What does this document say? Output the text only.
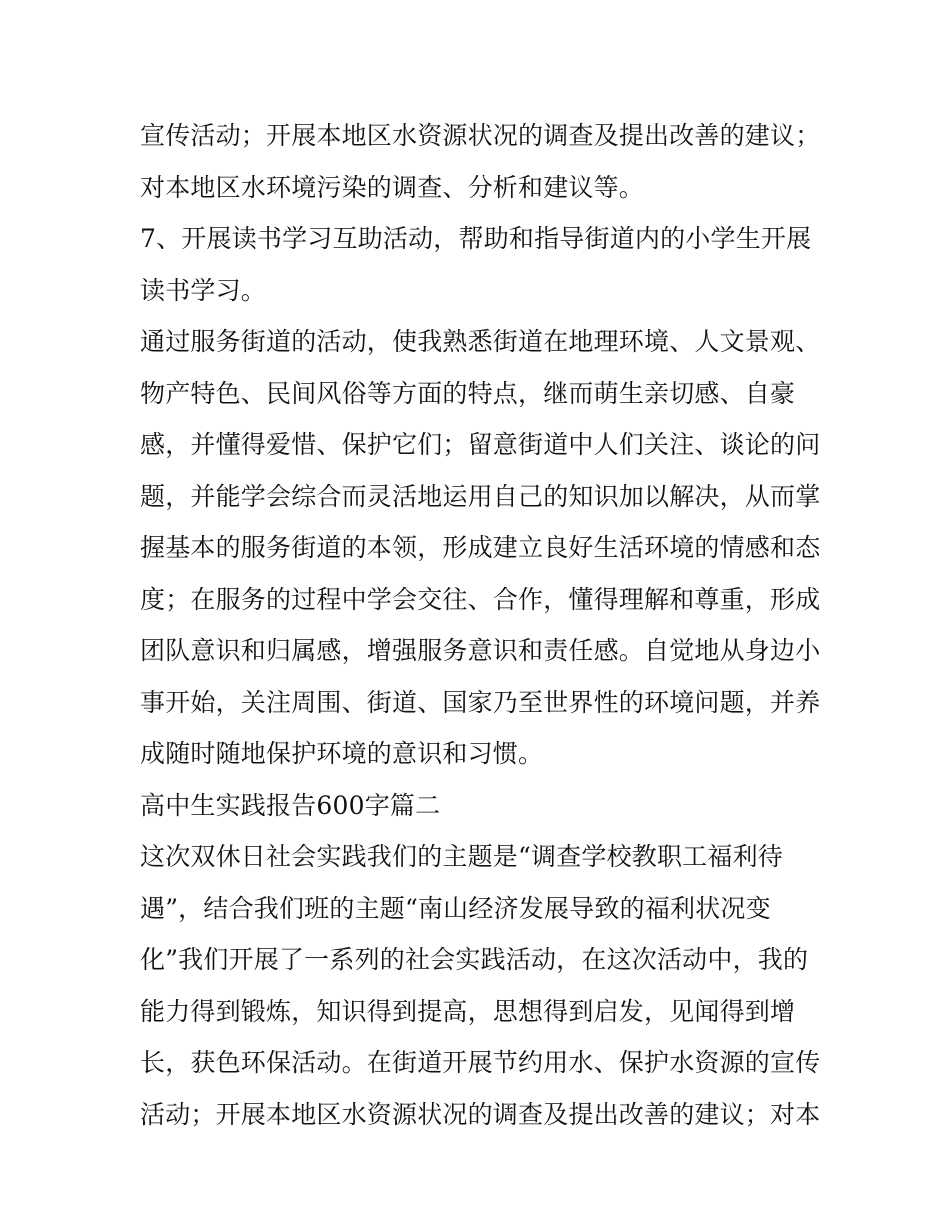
宣传活动；开展本地区水资源状况的调查及提出改善的建议；
对本地区水环境污染的调查、分析和建议等。
7、开展读书学习互助活动，帮助和指导街道内的小学生开展
读书学习。
通过服务街道的活动，使我熟悉街道在地理环境、人文景观、
物产特色、民间风俗等方面的特点，继而萌生亲切感、自豪
感，并懂得爱惜、保护它们；留意街道中人们关注、谈论的问
题，并能学会综合而灵活地运用自己的知识加以解决，从而掌
握基本的服务街道的本领，形成建立良好生活环境的情感和态
度；在服务的过程中学会交往、合作，懂得理解和尊重，形成
团队意识和归属感，增强服务意识和责任感。自觉地从身边小
事开始，关注周围、街道、国家乃至世界性的环境问题，并养
成随时随地保护环境的意识和习惯。
高中生实践报告600字篇二
这次双休日社会实践我们的主题是“调查学校教职工福利待
遇”，结合我们班的主题“南山经济发展导致的福利状况变
化”我们开展了一系列的社会实践活动，在这次活动中，我的
能力得到锻炼，知识得到提高，思想得到启发，见闻得到增
长，获色环保活动。在街道开展节约用水、保护水资源的宣传
活动；开展本地区水资源状况的调查及提出改善的建议；对本
